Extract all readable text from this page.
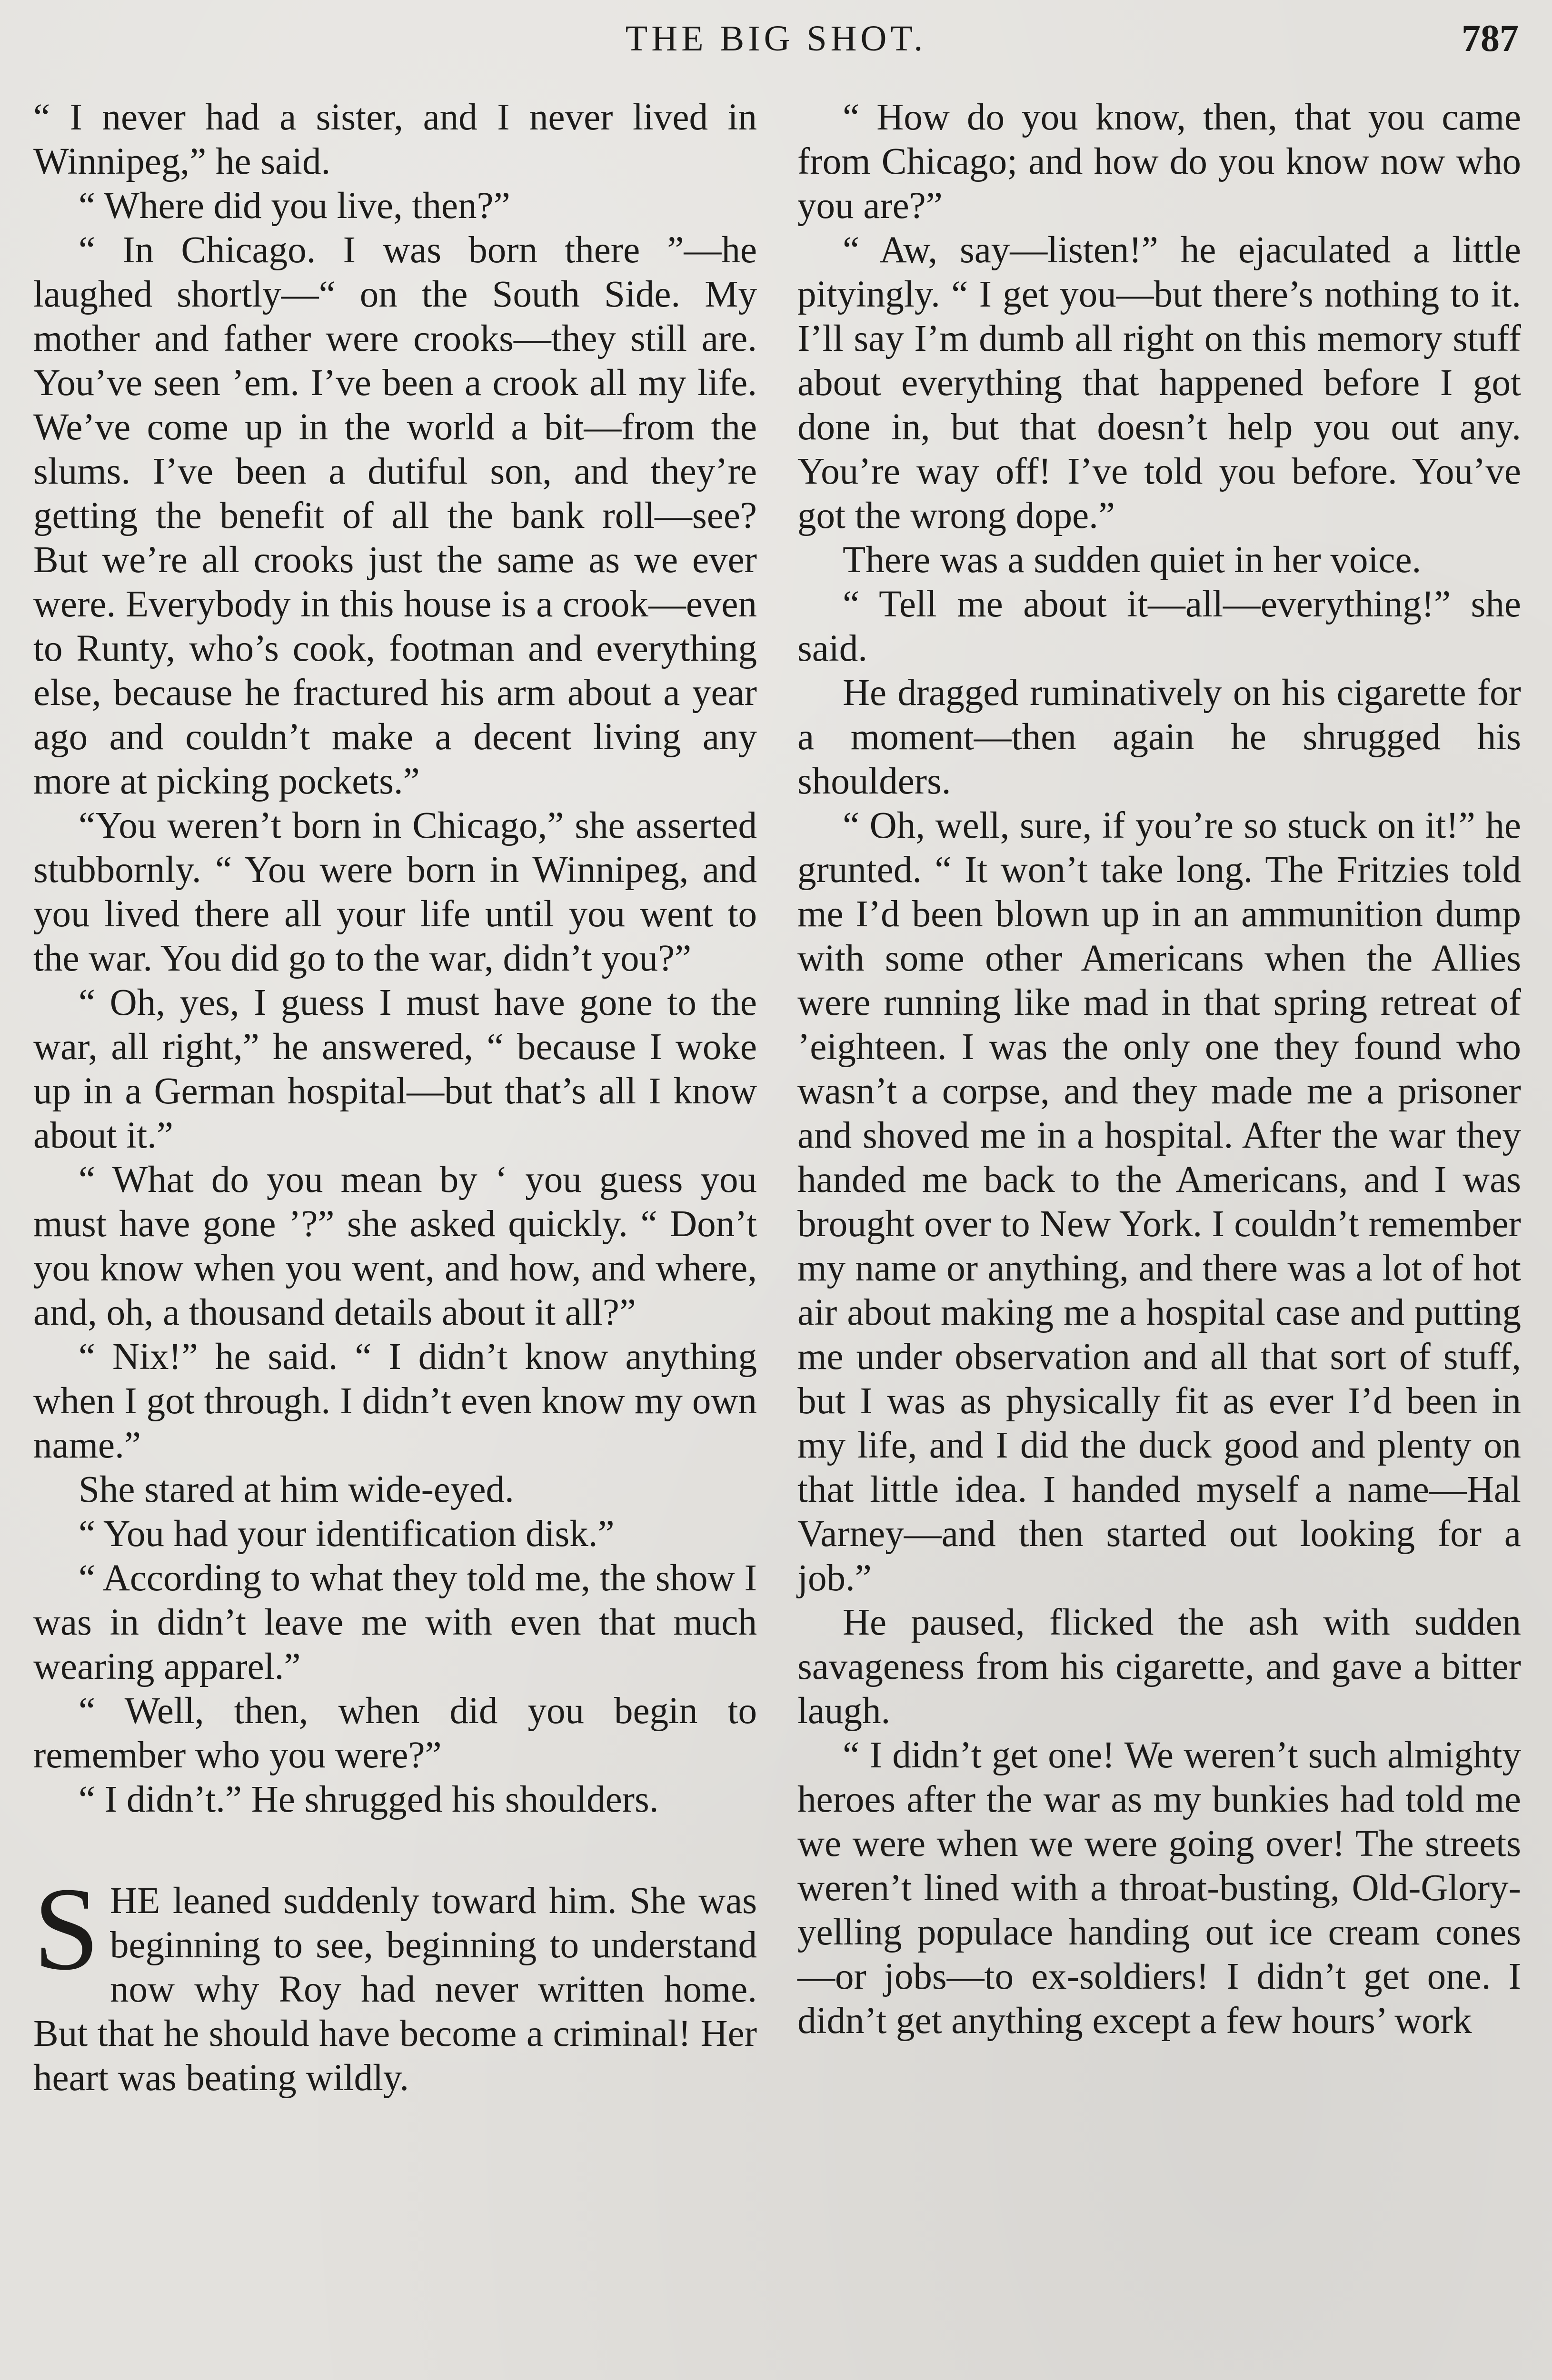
THE BIG SHOT.	787

“ I never had a sister, and I never lived in Winnipeg,” he said.

“ Where did you live, then?”

“ In Chicago. I was born there ”—he laughed shortly—“ on the South Side. My mother and father were crooks—they still are. You’ve seen ’em. I’ve been a crook all my life. We’ve come up in the world a bit—from the slums. I’ve been a dutiful son, and they’re getting the benefit of all the bank roll—see? But we’re all crooks just the same as we ever were. Everybody in this house is a crook—even to Runty, who’s cook, footman and everything else, because he fractured his arm about a year ago and couldn’t make a decent living any more at picking pockets.”

“You weren’t born in Chicago,” she asserted stubbornly. “ You were born in Winnipeg, and you lived there all your life until you went to the war. You did go to the war, didn’t you?”

“ Oh, yes, I guess I must have gone to the war, all right,” he answered, “ because I woke up in a German hospital—but that’s all I know about it.”

“ What do you mean by ‘ you guess you must have gone ’?” she asked quickly. “ Don’t you know when you went, and how, and where, and, oh, a thousand details about it all?”

“ Nix!” he said. “ I didn’t know anything when I got through. I didn’t even know my own name.”

She stared at him wide-eyed.

“ You had your identification disk.”

“ According to what they told me, the show I was in didn’t leave me with even that much wearing apparel.”

“ Well, then, when did you begin to remember who you were?”

“ I didn’t.” He shrugged his shoulders.

SHE leaned suddenly toward him. She was beginning to see, beginning to understand now why Roy had never written home. But that he should have become a criminal! Her heart was beating wildly.

“ How do you know, then, that you came from Chicago; and how do you know now who you are?”

“ Aw, say—listen!” he ejaculated a little pityingly. “ I get you—but there’s nothing to it. I’ll say I’m dumb all right on this memory stuff about everything that happened before I got done in, but that doesn’t help you out any. You’re way off! I’ve told you before. You’ve got the wrong dope.”

There was a sudden quiet in her voice.

“ Tell me about it—all—everything!” she said.

He dragged ruminatively on his cigarette for a moment—then again he shrugged his shoulders.

“ Oh, well, sure, if you’re so stuck on it!” he grunted. “ It won’t take long. The Fritzies told me I’d been blown up in an ammunition dump with some other Americans when the Allies were running like mad in that spring retreat of ’eighteen. I was the only one they found who wasn’t a corpse, and they made me a prisoner and shoved me in a hospital. After the war they handed me back to the Americans, and I was brought over to New York. I couldn’t remember my name or anything, and there was a lot of hot air about making me a hospital case and putting me under observation and all that sort of stuff, but I was as physically fit as ever I’d been in my life, and I did the duck good and plenty on that little idea. I handed myself a name—Hal Varney—and then started out looking for a job.”

He paused, flicked the ash with sudden savageness from his cigarette, and gave a bitter laugh.

“ I didn’t get one! We weren’t such almighty heroes after the war as my bunkies had told me we were when we were going over! The streets weren’t lined with a throat-busting, Old-Glory-yelling populace handing out ice cream cones—or jobs—to ex-soldiers! I didn’t get one. I didn’t get anything except a few hours’ work
